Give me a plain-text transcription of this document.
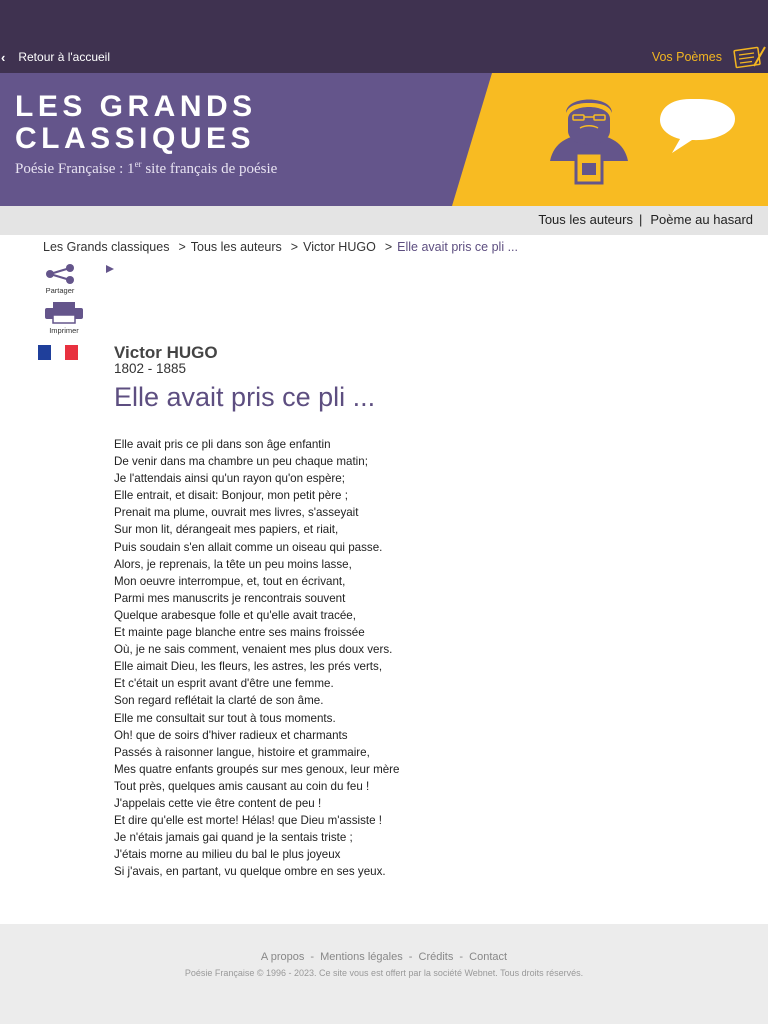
‹ Retour à l'accueil	Vos Poèmes
LES GRANDS
CLASSIQUES
Poésie Française : 1er site français de poésie
Tous les auteurs | Poème au hasard
Les Grands classiques > Tous les auteurs > Victor HUGO > Elle avait pris ce pli ...
Partager
Imprimer
Victor HUGO
1802 - 1885
Elle avait pris ce pli ...
Elle avait pris ce pli dans son âge enfantin
De venir dans ma chambre un peu chaque matin;
Je l'attendais ainsi qu'un rayon qu'on espère;
Elle entrait, et disait: Bonjour, mon petit père ;
Prenait ma plume, ouvrait mes livres, s'asseyait
Sur mon lit, dérangeait mes papiers, et riait,
Puis soudain s'en allait comme un oiseau qui passe.
Alors, je reprenais, la tête un peu moins lasse,
Mon oeuvre interrompue, et, tout en écrivant,
Parmi mes manuscrits je rencontrais souvent
Quelque arabesque folle et qu'elle avait tracée,
Et mainte page blanche entre ses mains froissée
Où, je ne sais comment, venaient mes plus doux vers.
Elle aimait Dieu, les fleurs, les astres, les prés verts,
Et c'était un esprit avant d'être une femme.
Son regard reflétait la clarté de son âme.
Elle me consultait sur tout à tous moments.
Oh! que de soirs d'hiver radieux et charmants
Passés à raisonner langue, histoire et grammaire,
Mes quatre enfants groupés sur mes genoux, leur mère
Tout près, quelques amis causant au coin du feu !
J'appelais cette vie être content de peu !
Et dire qu'elle est morte! Hélas! que Dieu m'assiste !
Je n'étais jamais gai quand je la sentais triste ;
J'étais morne au milieu du bal le plus joyeux
Si j'avais, en partant, vu quelque ombre en ses yeux.
A propos - Mentions légales - Crédits - Contact
Poésie Française © 1996 - 2023. Ce site vous est offert par la société Webnet. Tous droits réservés.
